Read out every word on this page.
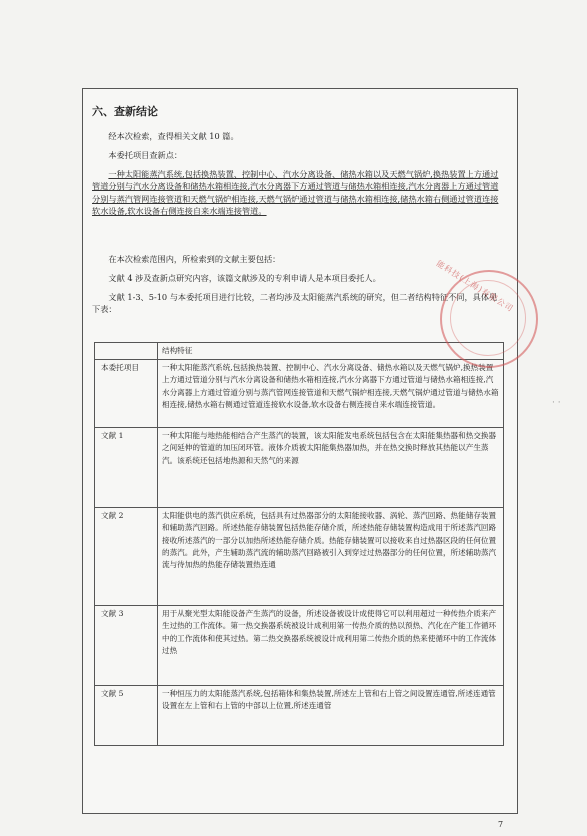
六、查新结论
经本次检索，查得相关文献 10 篇。
本委托项目查新点：
一种太阳能蒸汽系统,包括换热装置、控制中心、汽水分离设备、储热水箱以及天燃气锅炉,换热装置上方通过管道分别与汽水分离设备和储热水箱相连接,汽水分离器下方通过管道与储热水箱相连接,汽水分离器上方通过管道分别与蒸汽管网连接管道和天燃气锅炉相连接,天燃气锅炉通过管道与储热水箱相连接,储热水箱右侧通过管道连接软水设备,软水设备右侧连接自来水端连接管道。
在本次检索范围内，所检索到的文献主要包括：
文献 4 涉及查新点研究内容，该篇文献涉及的专利申请人是本项目委托人。
文献 1-3、5-10 与本委托项目进行比较，二者均涉及太阳能蒸汽系统的研究，但二者结构特征不同，具体见下表：
	结构特征
本委托项目	一种太阳能蒸汽系统,包括换热装置、控制中心、汽水分离设备、储热水箱以及天燃气锅炉,换热装置上方通过管道分别与汽水分离设备和储热水箱相连接,汽水分离器下方通过管道与储热水箱相连接,汽水分离器上方通过管道分别与蒸汽管网连接管道和天燃气锅炉相连接,天燃气锅炉通过管道与储热水箱相连接,储热水箱右侧通过管道连接软水设备,软水设备右侧连接自来水端连接管道。
文献 1	一种太阳能与地热能相结合产生蒸汽的装置，该太阳能发电系统包括包含在太阳能集热器和热交换器之间延伸的管道的加压闭环管。液体介质被太阳能集热器加热，并在热交换时释放其热能以产生蒸汽。该系统还包括地热源和天然气的来源
文献 2	太阳能供电的蒸汽供应系统，包括具有过热器部分的太阳能接收器、涡轮、蒸汽回路、热能储存装置和辅助蒸汽回路。所述热能存储装置包括热能存储介质，所述热能存储装置构造成用于所述蒸汽回路接收所述蒸汽的一部分以加热所述热能存储介质。热能存储装置可以接收来自过热器区段的任何位置的蒸汽。此外，产生辅助蒸汽流的辅助蒸汽回路被引入到穿过过热器部分的任何位置，所述辅助蒸汽流与待加热的热能存储装置热连通
文献 3	用于从聚光型太阳能设备产生蒸汽的设备，所述设备被设计成使得它可以利用超过一种传热介质来产生过热的工作流体。第一热交换器系统被设计成利用第一传热介质的热以预热、汽化在产能工作循环中的工作流体和使其过热。第二热交换器系统被设计成利用第二传热介质的热来使循环中的工作流体过热
文献 5	一种恒压力的太阳能蒸汽系统,包括箱体和集热装置,所述左上管和右上管之间设置连通管,所述连通管设置在左上管和右上管的中部以上位置,所述连通管
能科技(上海)有限公司
· ·
7
